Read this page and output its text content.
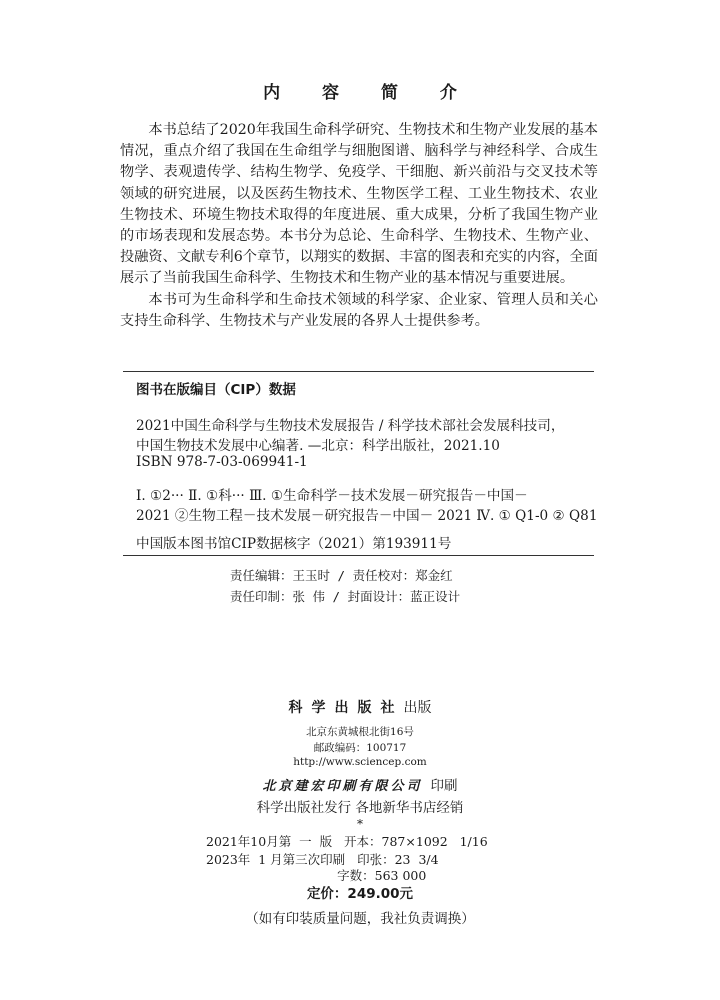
内 容 简 介

本书总结了2020年我国生命科学研究、生物技术和生物产业发展的基本情况，重点介绍了我国在生命组学与细胞图谱、脑科学与神经科学、合成生物学、表观遗传学、结构生物学、免疫学、干细胞、新兴前沿与交叉技术等领域的研究进展，以及医药生物技术、生物医学工程、工业生物技术、农业生物技术、环境生物技术取得的年度进展、重大成果，分析了我国生物产业的市场表现和发展态势。本书分为总论、生命科学、生物技术、生物产业、投融资、文献专利6个章节，以翔实的数据、丰富的图表和充实的内容，全面展示了当前我国生命科学、生物技术和生物产业的基本情况与重要进展。

本书可为生命科学和生命技术领域的科学家、企业家、管理人员和关心支持生命科学、生物技术与产业发展的各界人士提供参考。

图书在版编目（CIP）数据
2021中国生命科学与生物技术发展报告 / 科学技术部社会发展科技司，
中国生物技术发展中心编著. —北京：科学出版社，2021.10
ISBN 978-7-03-069941-1
Ⅰ. ①2··· Ⅱ. ①科··· Ⅲ. ①生命科学－技术发展－研究报告－中国－
2021 ②生物工程－技术发展－研究报告－中国－ 2021 Ⅳ. ① Q1-0 ② Q81
中国版本图书馆CIP数据核字（2021）第193911号
责任编辑：王玉时 / 责任校对：郑金红
责任印制：张 伟 / 封面设计：蓝正设计
科学出版社出版
北京东黄城根北街16号
邮政编码：100717
http://www.sciencep.com
北京建宏印刷有限公司 印刷
科学出版社发行 各地新华书店经销
*
2021年10月第  一  版   开本：787×1092   1/16
2023年  1 月第三次印刷   印张：23  3/4
字数：563 000
定价：249.00元
（如有印装质量问题，我社负责调换）
